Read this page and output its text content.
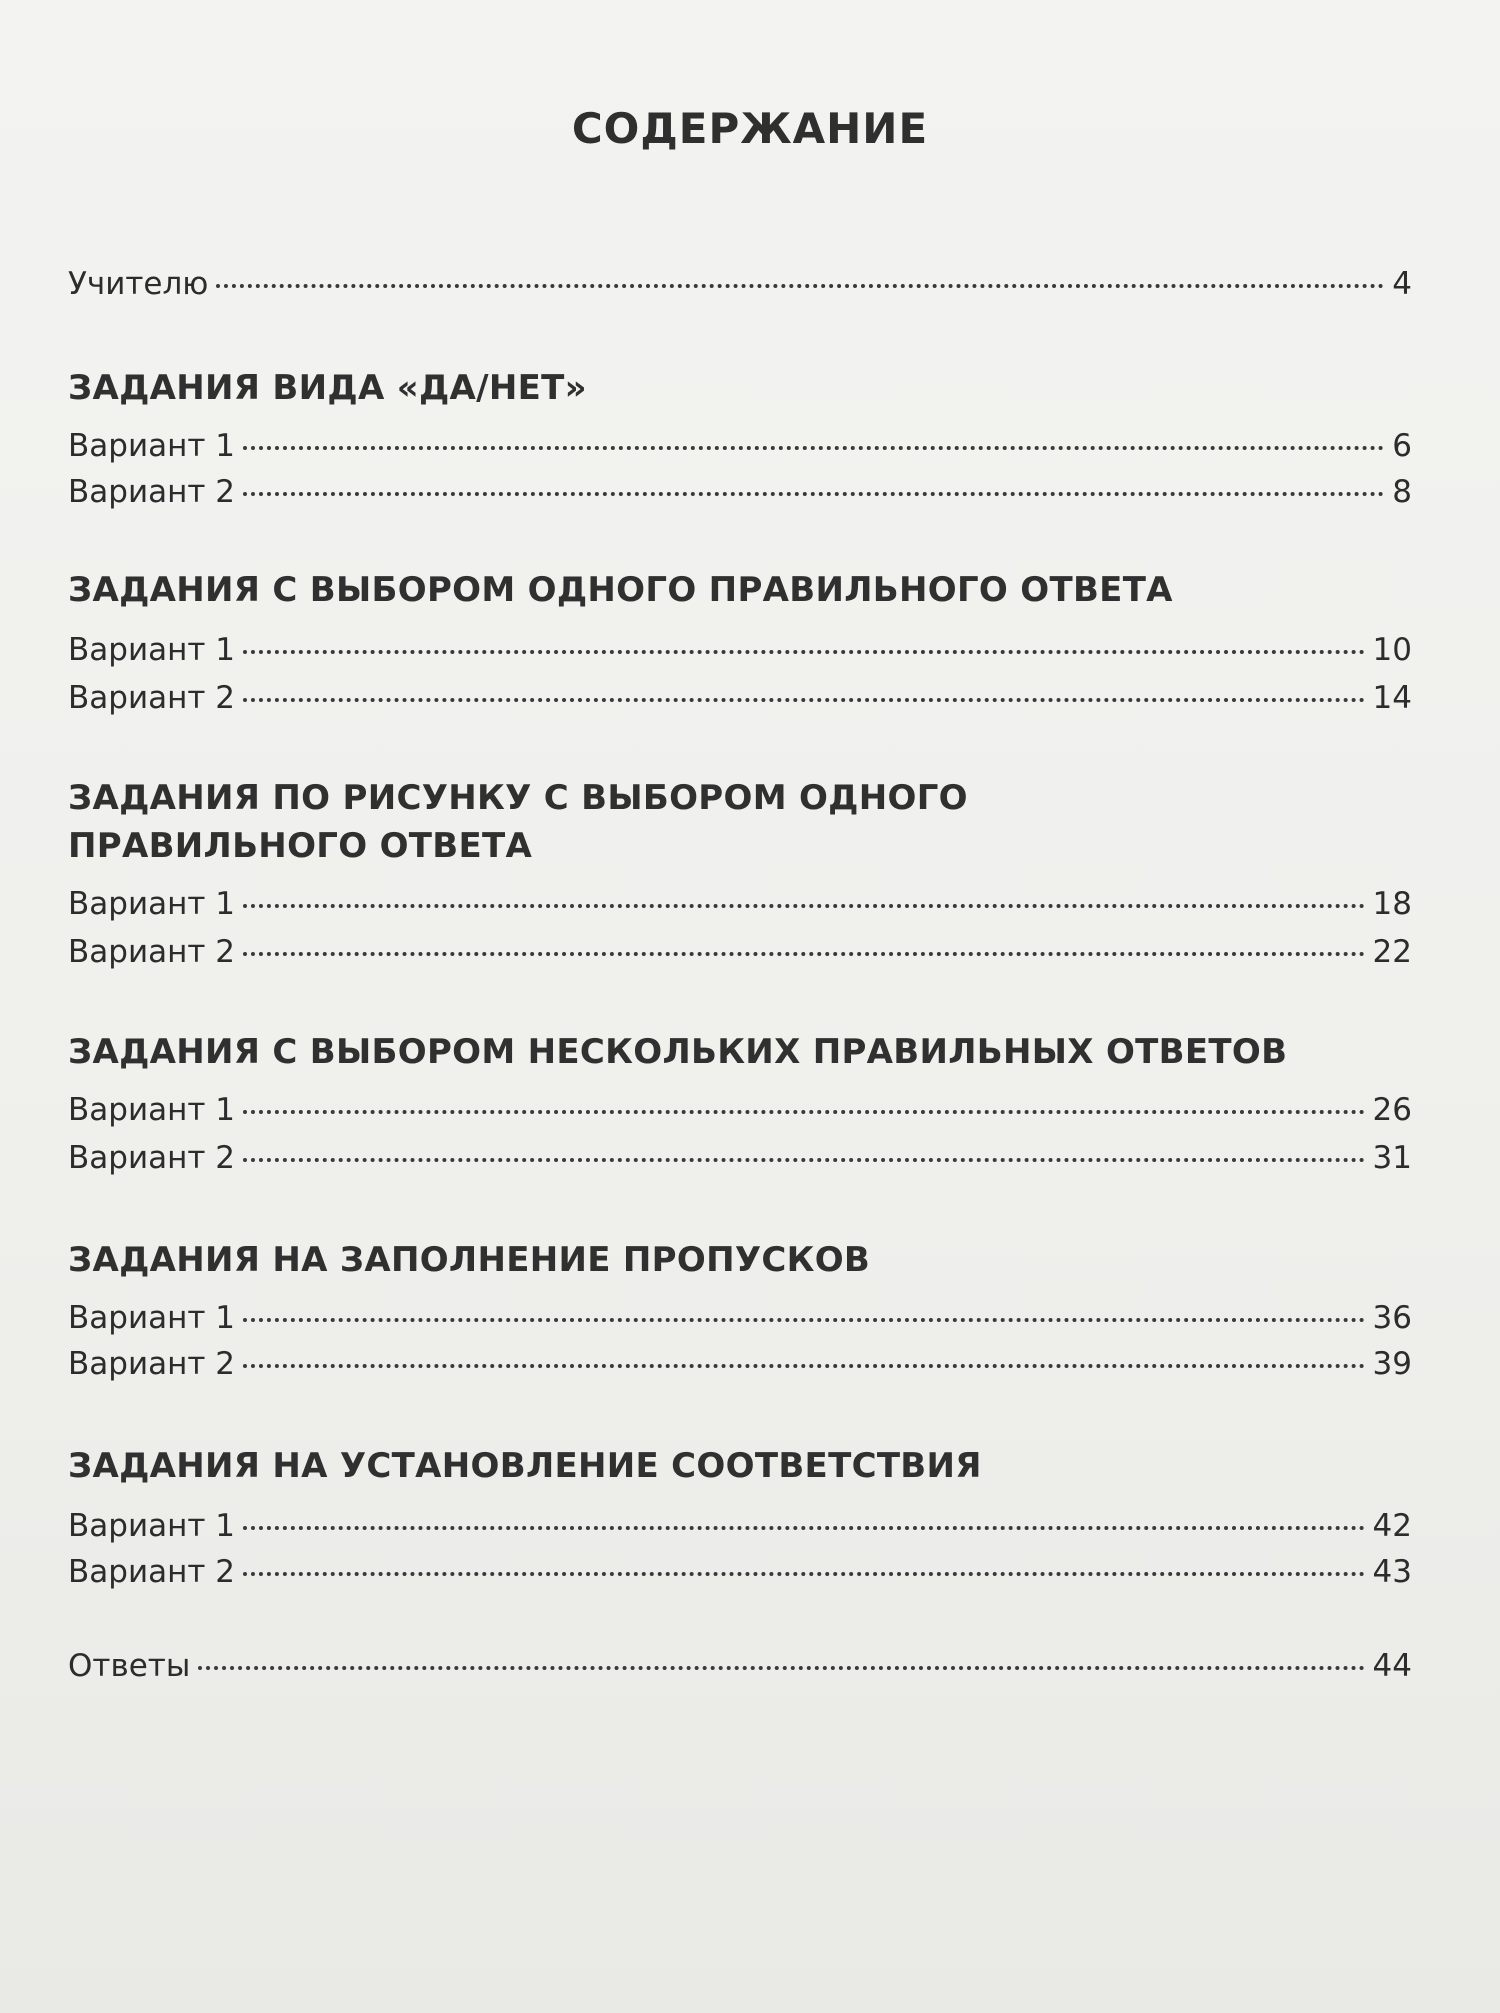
СОДЕРЖАНИЕ
Учителю	4
ЗАДАНИЯ ВИДА «ДА/НЕТ»
Вариант 1	6
Вариант 2	8
ЗАДАНИЯ С ВЫБОРОМ ОДНОГО ПРАВИЛЬНОГО ОТВЕТА
Вариант 1	10
Вариант 2	14
ЗАДАНИЯ ПО РИСУНКУ С ВЫБОРОМ ОДНОГО
ПРАВИЛЬНОГО ОТВЕТА
Вариант 1	18
Вариант 2	22
ЗАДАНИЯ С ВЫБОРОМ НЕСКОЛЬКИХ ПРАВИЛЬНЫХ ОТВЕТОВ
Вариант 1	26
Вариант 2	31
ЗАДАНИЯ НА ЗАПОЛНЕНИЕ ПРОПУСКОВ
Вариант 1	36
Вариант 2	39
ЗАДАНИЯ НА УСТАНОВЛЕНИЕ СООТВЕТСТВИЯ
Вариант 1	42
Вариант 2	43
Ответы	44
